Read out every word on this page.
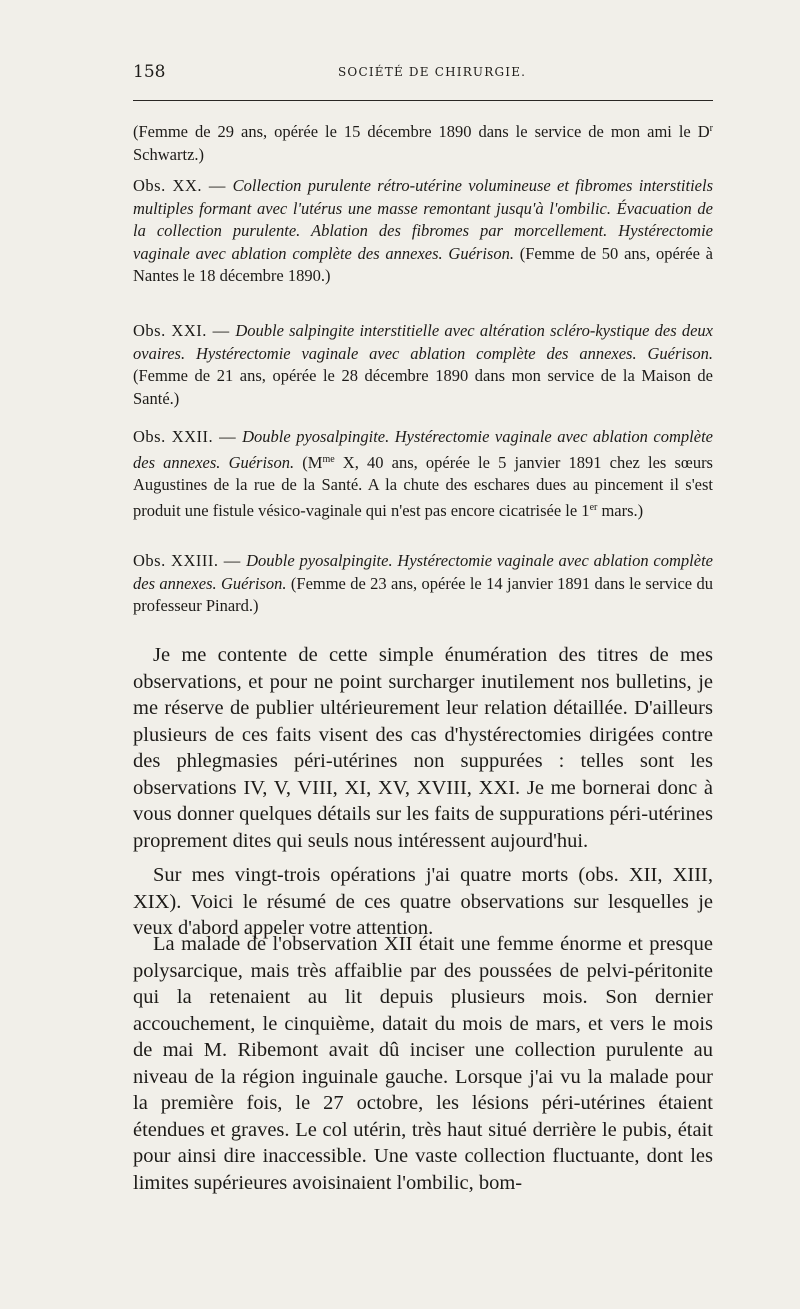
158	SOCIÉTÉ DE CHIRURGIE.

(Femme de 29 ans, opérée le 15 décembre 1890 dans le service de mon ami le $D^r$ Schwartz.)

Obs. XX. — Collection purulente rétro-utérine volumineuse et fibromes interstitiels multiples formant avec l'utérus une masse remontant jusqu'à l'ombilic. Évacuation de la collection purulente. Ablation des fibromes par morcellement. Hystérectomie vaginale avec ablation complète des annexes. Guérison. (Femme de 50 ans, opérée à Nantes le 18 décembre 1890.)

Obs. XXI. — Double salpingite interstitielle avec altération scléro-kystique des deux ovaires. Hystérectomie vaginale avec ablation complète des annexes. Guérison. (Femme de 21 ans, opérée le 28 décembre 1890 dans mon service de la Maison de Santé.)

Obs. XXII. — Double pyosalpingite. Hystérectomie vaginale avec ablation complète des annexes. Guérison. ($M^{me}$ X, 40 ans, opérée le 5 janvier 1891 chez les sœurs Augustines de la rue de la Santé. A la chute des eschares dues au pincement il s'est produit une fistule vésico-vaginale qui n'est pas encore cicatrisée le 1er mars.)

Obs. XXIII. — Double pyosalpingite. Hystérectomie vaginale avec ablation complète des annexes. Guérison. (Femme de 23 ans, opérée le 14 janvier 1891 dans le service du professeur Pinard.)

Je me contente de cette simple énumération des titres de mes observations, et pour ne point surcharger inutilement nos bulletins, je me réserve de publier ultérieurement leur relation détaillée. D'ailleurs plusieurs de ces faits visent des cas d'hystérectomies dirigées contre des phlegmasies péri-utérines non suppurées : telles sont les observations IV, V, VIII, XI, XV, XVIII, XXI. Je me bornerai donc à vous donner quelques détails sur les faits de suppurations péri-utérines proprement dites qui seuls nous intéressent aujourd'hui.

Sur mes vingt-trois opérations j'ai quatre morts (obs. XII, XIII, XIX). Voici le résumé de ces quatre observations sur lesquelles je veux d'abord appeler votre attention.

La malade de l'observation XII était une femme énorme et presque polysarcique, mais très affaiblie par des poussées de pelvi-péritonite qui la retenaient au lit depuis plusieurs mois. Son dernier accouchement, le cinquième, datait du mois de mars, et vers le mois de mai M. Ribemont avait dû inciser une collection purulente au niveau de la région inguinale gauche. Lorsque j'ai vu la malade pour la première fois, le 27 octobre, les lésions péri-utérines étaient étendues et graves. Le col utérin, très haut situé derrière le pubis, était pour ainsi dire inaccessible. Une vaste collection fluctuante, dont les limites supérieures avoisinaient l'ombilic, bom-
